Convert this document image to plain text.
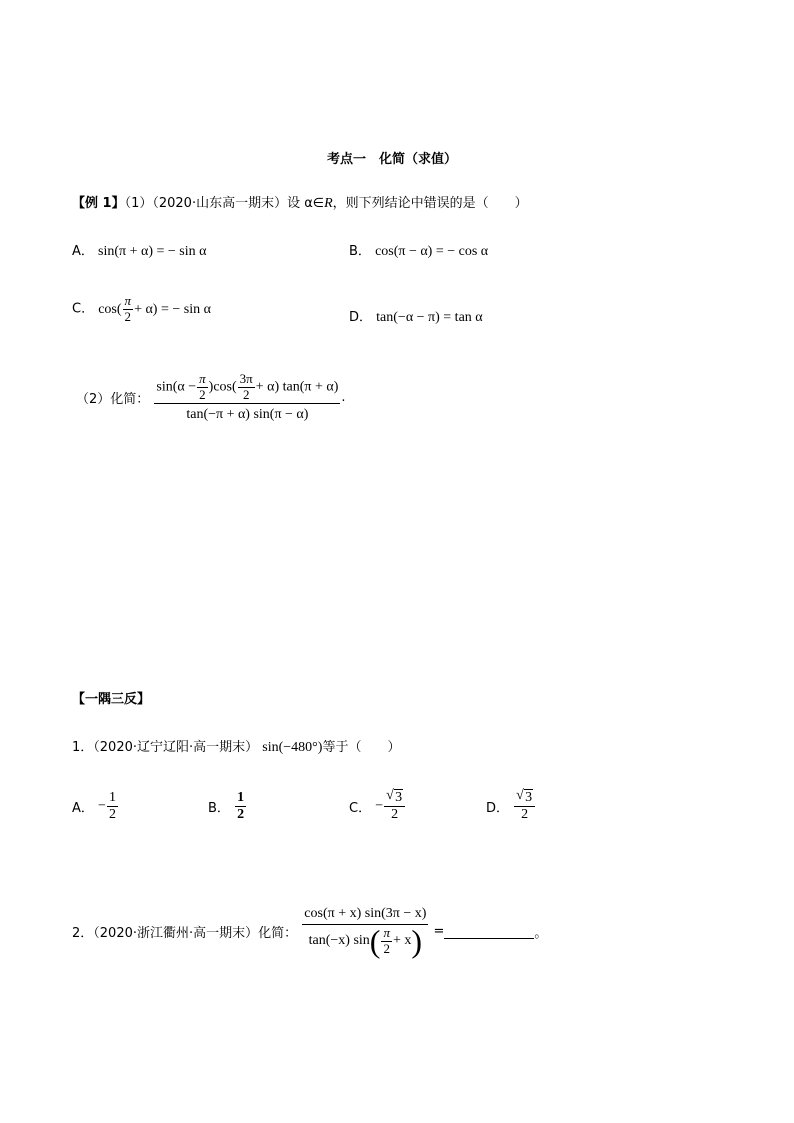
考点一　化简（求值）
【例 1】（1）（2020·山东高一期末）设 α∈R，则下列结论中错误的是（　　）
A． sin(π + α) = − sin α	B． cos(π − α) = − cos α
C． $\cos( \frac{\pi}{2} + \alpha)$ = − sin α
D． tan(−α − π) = tan α
（2）化简： $\frac{\sin(\alpha - \frac{\pi}{2} )\cos( \frac{3\pi}{2} + \alpha) \tan(\pi + \alpha)}{\tan(-\pi + \alpha) \sin(\pi - \alpha)}$ .
【一隅三反】
1．（2020·辽宁辽阳·高一期末） sin(−480°)等于（　　）
A． − $\frac{1}{2}$	B． $\frac{1}{2}$	C． − $\frac{√ 3}{2}$	D． $\frac{√ 3}{2}$
2．（2020·浙江衢州·高一期末）化简： $\frac{\cos(\pi + x) \sin(3\pi - x)}{\tan(-x) \sin( \frac{\pi}{2} + x)}$ =	。
